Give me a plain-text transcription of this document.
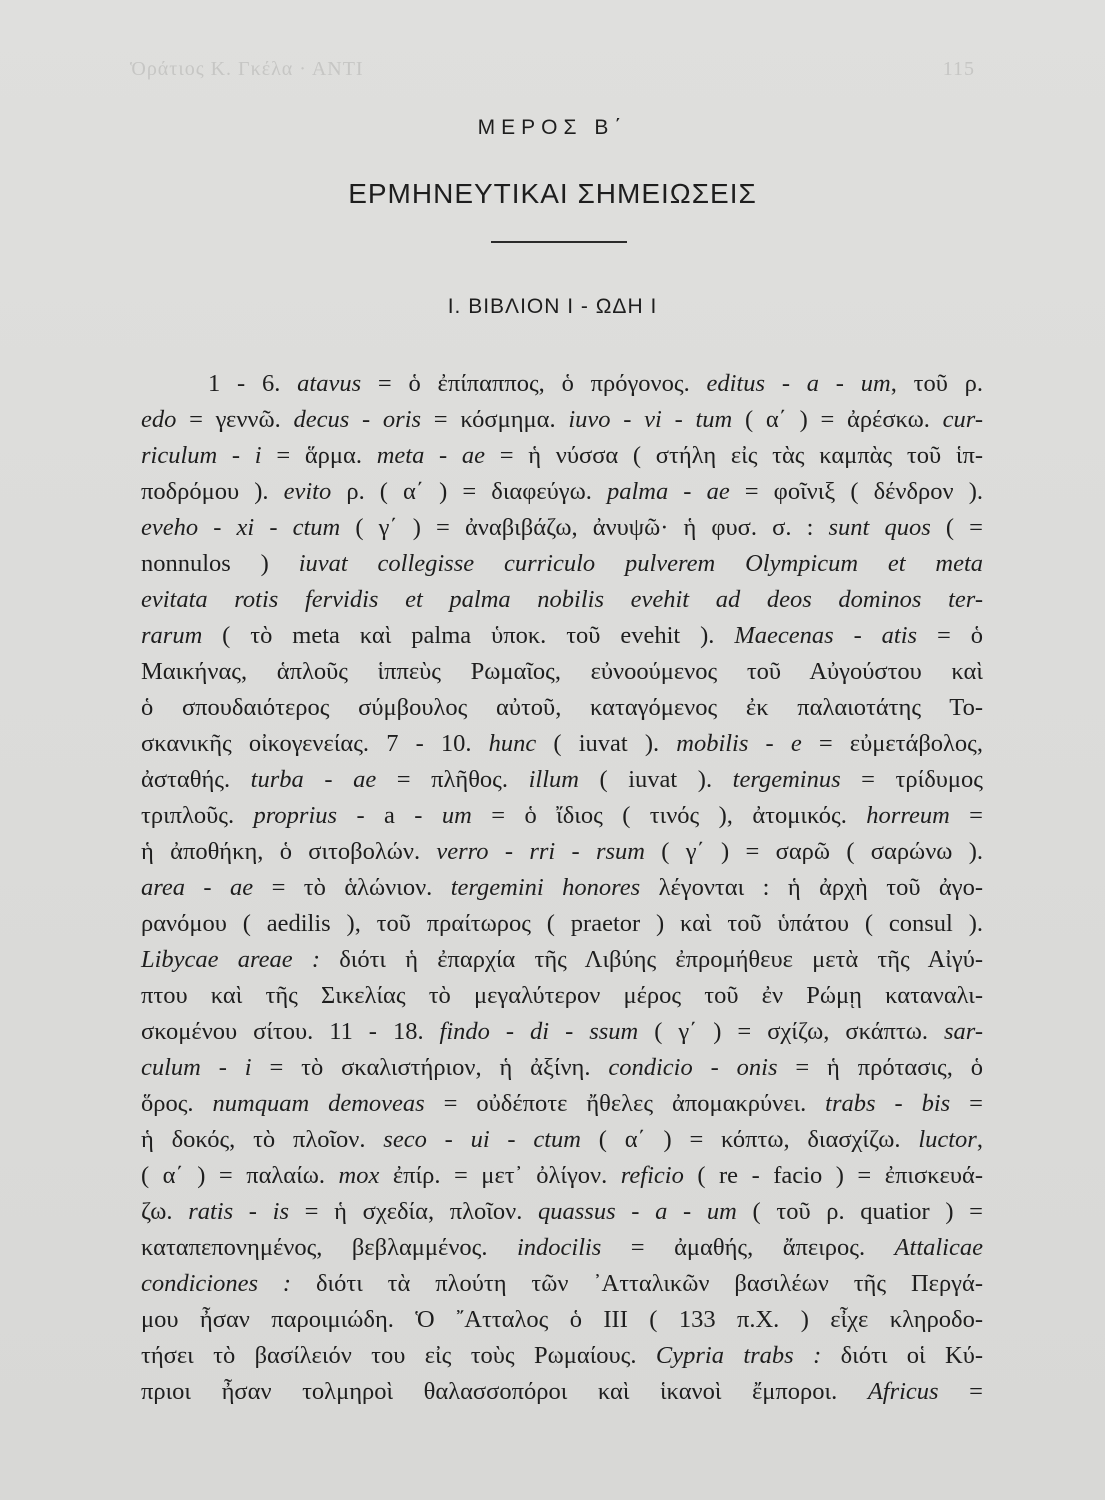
Ὁράτιος Κ. Γκέλα · ΑΝΤΙ	115
ΜΕΡΟΣ Β΄
ΕΡΜΗΝΕΥΤΙΚΑΙ ΣΗΜΕΙΩΣΕΙΣ
Ι. ΒΙΒΛΙΟΝ Ι - ΩΔΗ Ι
1 - 6. atavus = ὁ ἐπίπαππος, ὁ πρόγονος. editus - a - um, τοῦ ρ.
edo = γεννῶ. decus - oris = κόσμημα. iuvo - vi - tum ( α΄ ) = ἀρέσκω. cur-
riculum - i = ἅρμα. meta - ae = ἡ νύσσα ( στήλη εἰς τὰς καμπὰς τοῦ ἱπ-
ποδρόμου ). evito ρ. ( α΄ ) = διαφεύγω. palma - ae = φοῖνιξ ( δένδρον ).
eveho - xi - ctum ( γ΄ ) = ἀναβιβάζω, ἀνυψῶ· ἡ φυσ. σ. : sunt quos ( =
nonnulos ) iuvat collegisse curriculo pulverem Olympicum et meta
evitata rotis fervidis et palma nobilis evehit ad deos dominos ter-
rarum ( τὸ meta καὶ palma ὑποκ. τοῦ evehit ). Maecenas - atis = ὁ
Μαικήνας, ἁπλοῦς ἱππεὺς Ρωμαῖος, εὐνοούμενος τοῦ Αὐγούστου καὶ
ὁ σπουδαιότερος σύμβουλος αὐτοῦ, καταγόμενος ἐκ παλαιοτάτης Το-
σκανικῆς οἰκογενείας. 7 - 10. hunc ( iuvat ). mobilis - e = εὐμετάβολος,
ἀσταθής. turba - ae = πλῆθος. illum ( iuvat ). tergeminus = τρίδυμος
τριπλοῦς. proprius - a - um = ὁ ἴδιος ( τινός ), ἀτομικός. horreum =
ἡ ἀποθήκη, ὁ σιτοβολών. verro - rri - rsum ( γ΄ ) = σαρῶ ( σαρώνω ).
area - ae = τὸ ἁλώνιον. tergemini honores λέγονται : ἡ ἀρχὴ τοῦ ἀγο-
ρανόμου ( aedilis ), τοῦ πραίτωρος ( praetor ) καὶ τοῦ ὑπάτου ( consul ).
Libycae areae : διότι ἡ ἐπαρχία τῆς Λιβύης ἐπρομήθευε μετὰ τῆς Αἰγύ-
πτου καὶ τῆς Σικελίας τὸ μεγαλύτερον μέρος τοῦ ἐν Ρώμῃ καταναλι-
σκομένου σίτου. 11 - 18. findo - di - ssum ( γ΄ ) = σχίζω, σκάπτω. sar-
culum - i = τὸ σκαλιστήριον, ἡ ἀξίνη. condicio - onis = ἡ πρότασις, ὁ
ὅρος. numquam demoveas = οὐδέποτε ἤθελες ἀπομακρύνει. trabs - bis =
ἡ δοκός, τὸ πλοῖον. seco - ui - ctum ( α΄ ) = κόπτω, διασχίζω. luctor,
( α΄ ) = παλαίω. mox ἐπίρ. = μετ᾽ ὀλίγον. reficio ( re - facio ) = ἐπισκευά-
ζω. ratis - is = ἡ σχεδία, πλοῖον. quassus - a - um ( τοῦ ρ. quatior ) =
καταπεπονημένος, βεβλαμμένος. indocilis = ἀμαθής, ἄπειρος. Attalicae
condiciones : διότι τὰ πλούτη τῶν ᾽Ατταλικῶν βασιλέων τῆς Περγά-
μου ἦσαν παροιμιώδη. Ὁ ῎Ατταλος ὁ ΙΙΙ ( 133 π.Χ. ) εἶχε κληροδο-
τήσει τὸ βασίλειόν του εἰς τοὺς Ρωμαίους. Cypria trabs : διότι οἱ Κύ-
πριοι ἦσαν τολμηροὶ θαλασσοπόροι καὶ ἱκανοὶ ἔμποροι. Africus =
